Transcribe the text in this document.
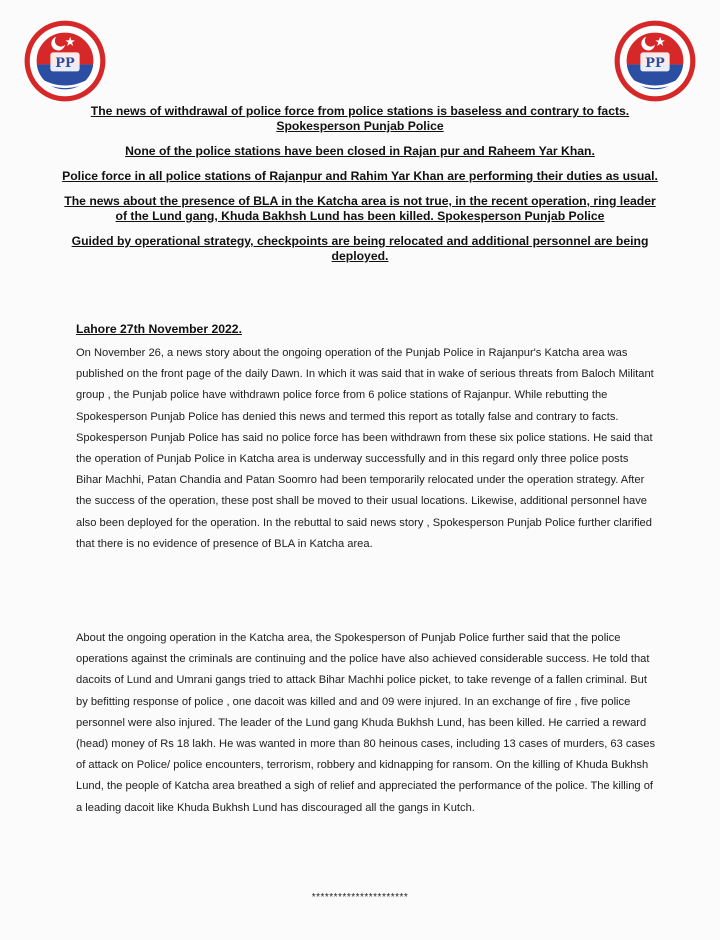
PP	PP

The news of withdrawal of police force from police stations is baseless and contrary to facts. Spokesperson Punjab Police

None of the police stations have been closed in Rajan pur and Raheem Yar Khan.

Police force in all police stations of Rajanpur and Rahim Yar Khan are performing their duties as usual.

The news about the presence of BLA in the Katcha area is not true, in the recent operation, ring leader of the Lund gang, Khuda Bakhsh Lund has been killed. Spokesperson Punjab Police

Guided by operational strategy, checkpoints are being relocated and additional personnel are being deployed.

Lahore 27th November 2022.

On November 26, a news story about the ongoing operation of the Punjab Police in Rajanpur's Katcha area was published on the front page of the daily Dawn. In which it was said that in wake of serious threats from Baloch Militant group , the Punjab police have withdrawn police force from 6 police stations of Rajanpur. While rebutting the Spokesperson Punjab Police has denied this news and termed this report as totally false and contrary to facts. Spokesperson Punjab Police has said no police force has been withdrawn from these six police stations. He said that the operation of Punjab Police in Katcha area is underway successfully and in this regard only three police posts Bihar Machhi, Patan Chandia and Patan Soomro had been temporarily relocated under the operation strategy. After the success of the operation, these post shall be moved to their usual locations. Likewise, additional personnel have also been deployed for the operation. In the rebuttal to said news story , Spokesperson Punjab Police further clarified that there is no evidence of presence of BLA in Katcha area.

About the ongoing operation in the Katcha area, the Spokesperson of Punjab Police further said that the police operations against the criminals are continuing and the police have also achieved considerable success. He told that dacoits of Lund and Umrani gangs tried to attack Bihar Machhi police picket, to take revenge of a fallen criminal. But by befitting response of police , one dacoit was killed and and 09 were injured. In an exchange of fire , five police personnel were also injured. The leader of the Lund gang Khuda Bukhsh Lund, has been killed. He carried a reward (head) money of Rs 18 lakh. He was wanted in more than 80 heinous cases, including 13 cases of murders, 63 cases of attack on Police/ police encounters, terrorism, robbery and kidnapping for ransom. On the killing of Khuda Bukhsh Lund, the people of Katcha area breathed a sigh of relief and appreciated the performance of the police. The killing of a leading dacoit like Khuda Bukhsh Lund has discouraged all the gangs in Kutch.

**********************
